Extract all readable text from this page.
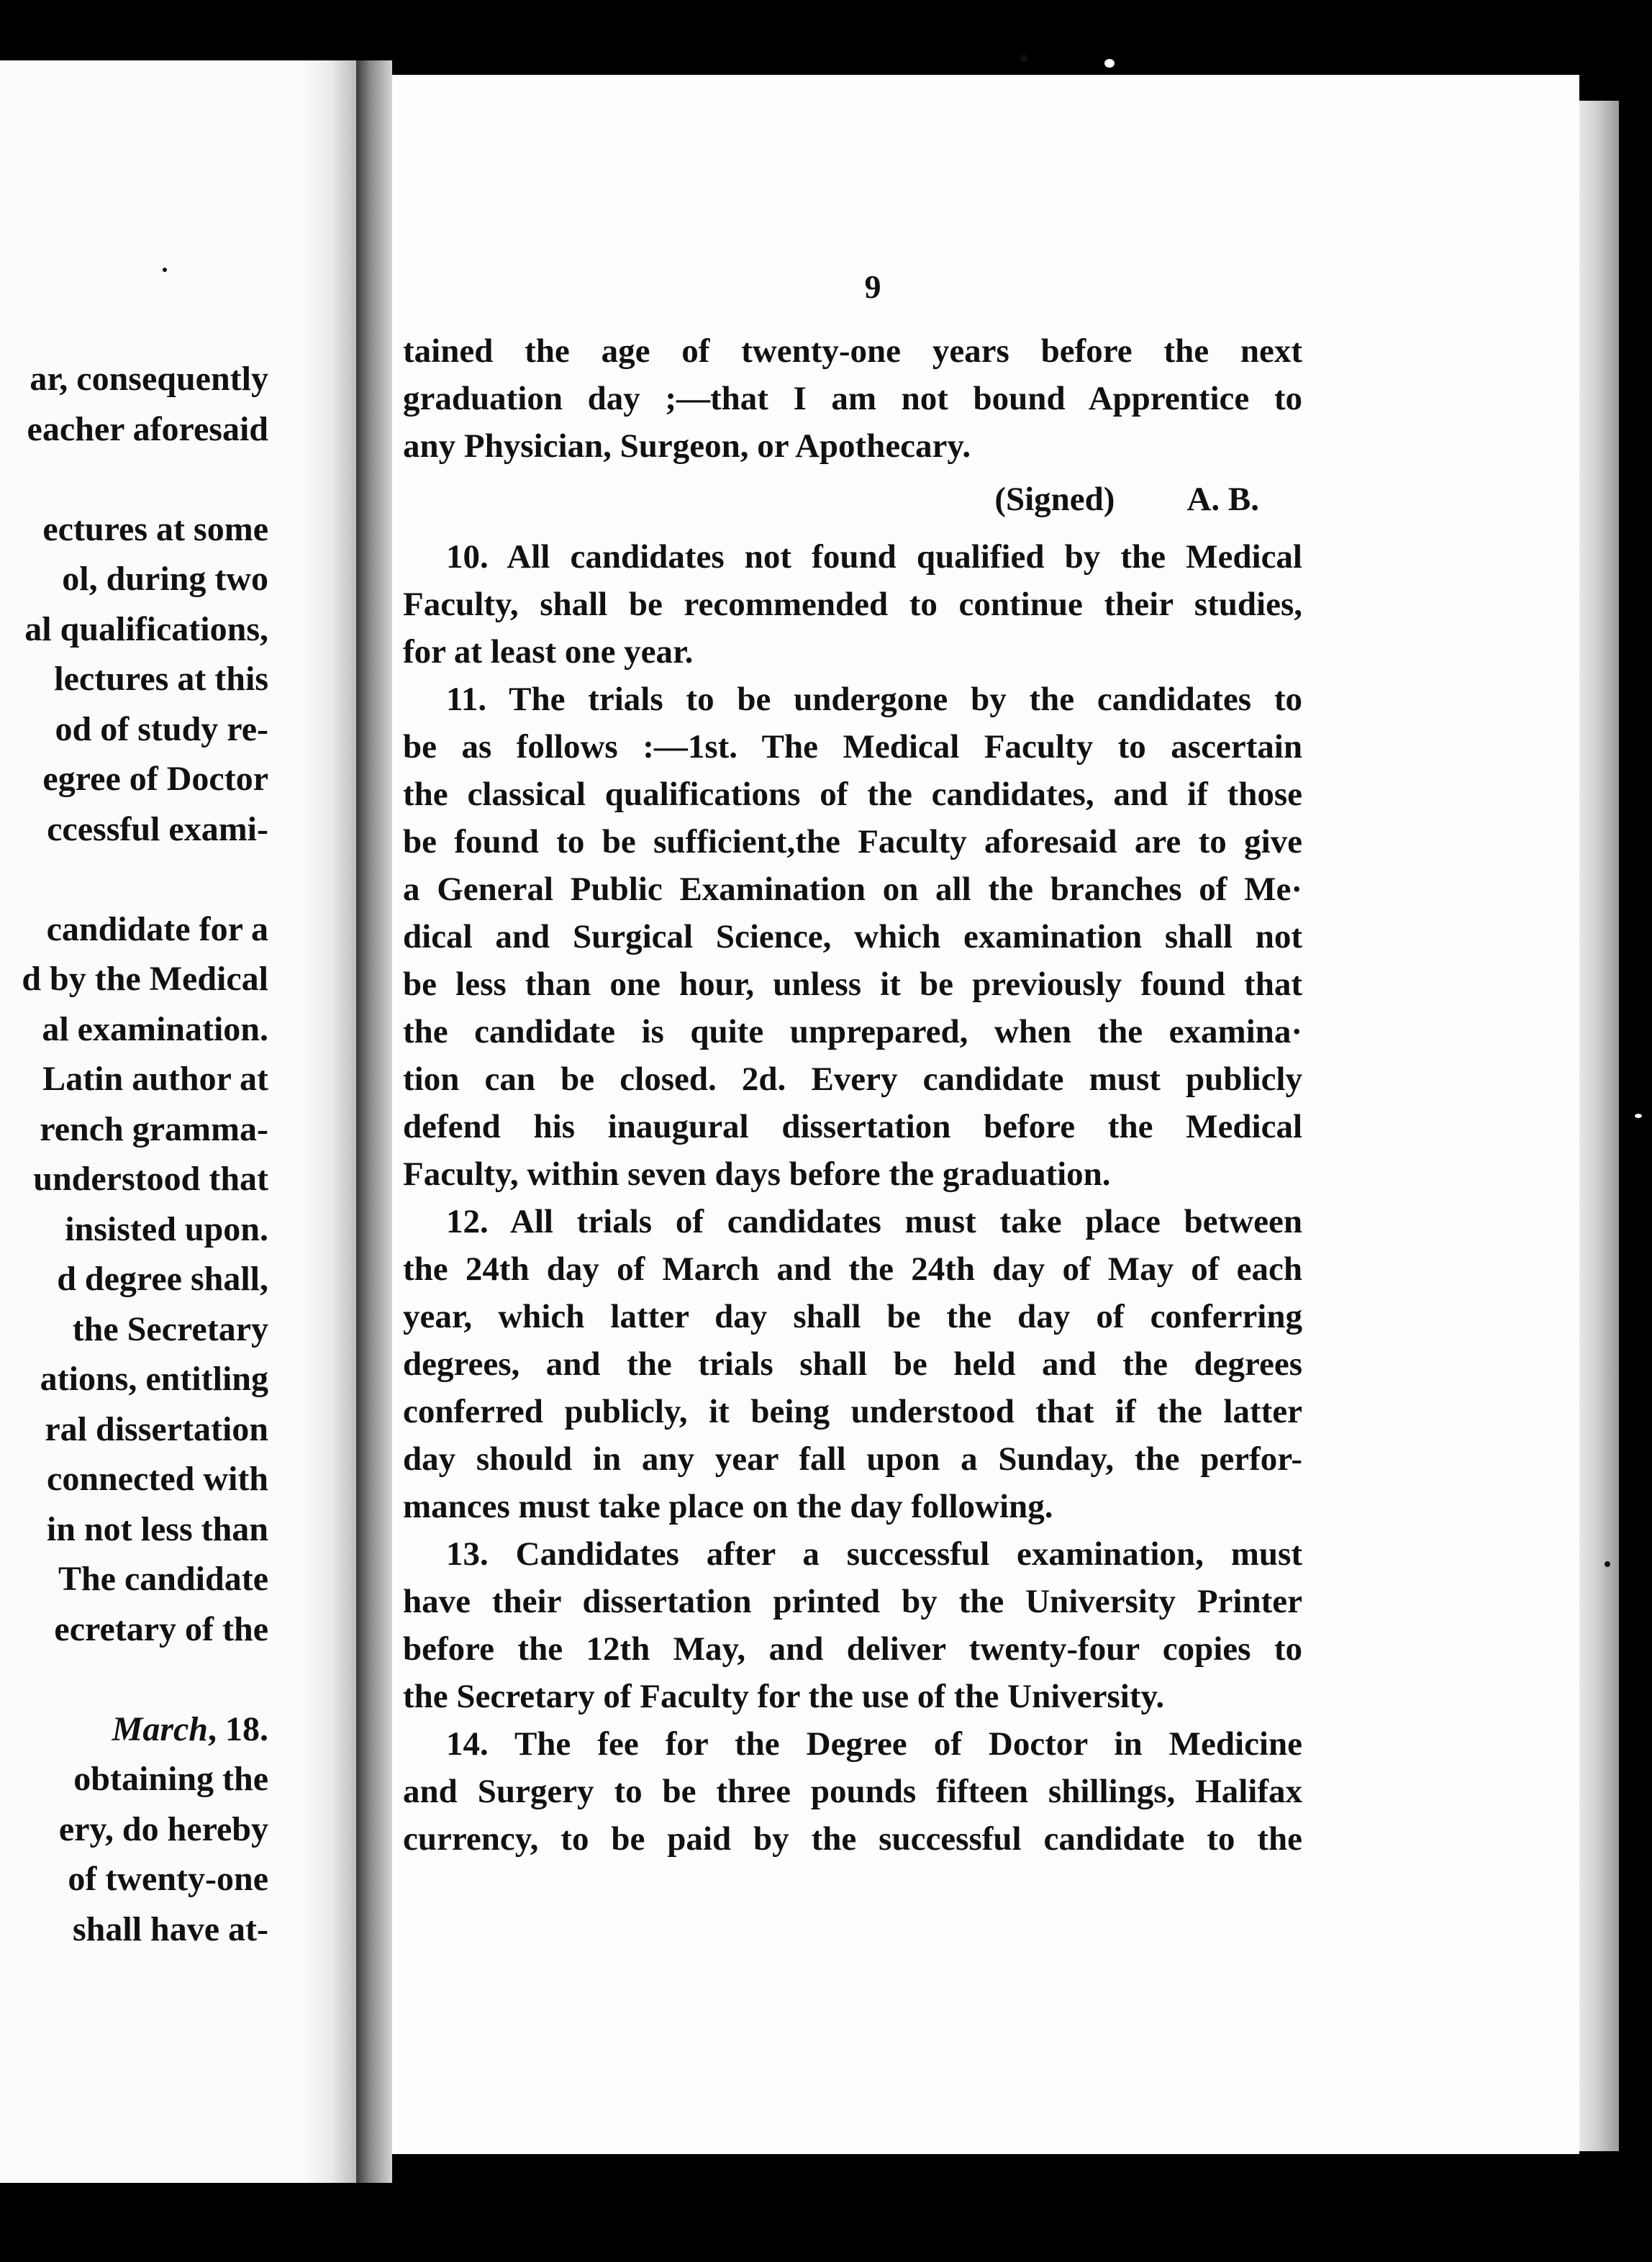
ar, consequently
eacher aforesaid
ectures at some
ol, during two
al qualifications,
lectures at this
od of study re-
egree of Doctor
ccessful exami-
candidate for a
d by the Medical
al examination.
Latin author at
rench gramma-
understood that
insisted upon.
d degree shall,
the Secretary
ations, entitling
ral dissertation
connected with
in not less than
The candidate
ecretary of the
March, 18.
obtaining the
ery, do hereby
of twenty-one
shall have at-
9
tained the age of twenty-one years before the next
graduation day ;—that I am not bound Apprentice to
any Physician, Surgeon, or Apothecary.
(Signed) A. B.
10. All candidates not found qualified by the Medical
Faculty, shall be recommended to continue their studies,
for at least one year.
11. The trials to be undergone by the candidates to
be as follows :—1st. The Medical Faculty to ascertain
the classical qualifications of the candidates, and if those
be found to be sufficient,the Faculty aforesaid are to give
a General Public Examination on all the branches of Me·
dical and Surgical Science, which examination shall not
be less than one hour, unless it be previously found that
the candidate is quite unprepared, when the examina·
tion can be closed. 2d. Every candidate must publicly
defend his inaugural dissertation before the Medical
Faculty, within seven days before the graduation.
12. All trials of candidates must take place between
the 24th day of March and the 24th day of May of each
year, which latter day shall be the day of conferring
degrees, and the trials shall be held and the degrees
conferred publicly, it being understood that if the latter
day should in any year fall upon a Sunday, the perfor-
mances must take place on the day following.
13. Candidates after a successful examination, must
have their dissertation printed by the University Printer
before the 12th May, and deliver twenty-four copies to
the Secretary of Faculty for the use of the University.
14. The fee for the Degree of Doctor in Medicine
and Surgery to be three pounds fifteen shillings, Halifax
currency, to be paid by the successful candidate to the
